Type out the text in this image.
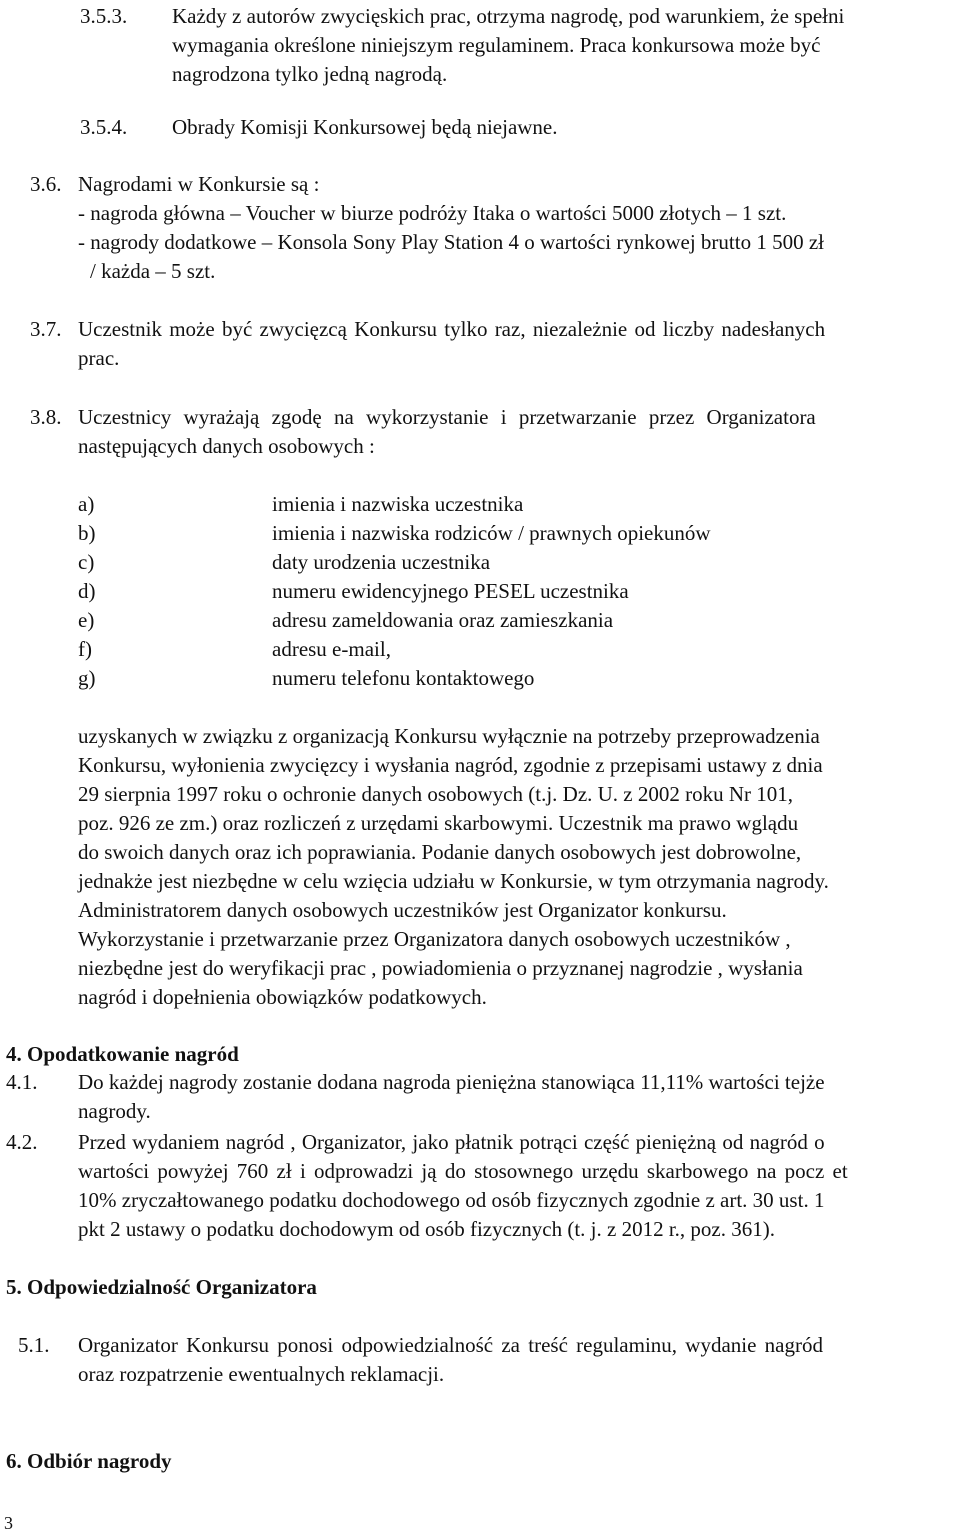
3.5.3. Każdy z autorów zwycięskich prac, otrzyma nagrodę, pod warunkiem, że spełni
wymagania określone niniejszym regulaminem. Praca konkursowa może być
nagrodzona tylko jedną nagrodą.
3.5.4. Obrady Komisji Konkursowej będą niejawne.
3.6. Nagrodami w Konkursie są :
- nagroda główna – Voucher w biurze podróży Itaka o wartości 5000 złotych – 1 szt.
- nagrody dodatkowe – Konsola Sony Play Station 4 o wartości rynkowej brutto 1 500 zł
/ każda – 5 szt.
3.7. Uczestnik może być zwycięzcą Konkursu tylko raz, niezależnie od liczby nadesłanych
prac.
3.8. Uczestnicy wyrażają zgodę na wykorzystanie i przetwarzanie przez Organizatora
następujących danych osobowych :
a)	imienia i nazwiska uczestnika
b)	imienia i nazwiska rodziców / prawnych opiekunów
c)	daty urodzenia uczestnika
d)	numeru ewidencyjnego PESEL uczestnika
e)	adresu zameldowania oraz zamieszkania
f)	adresu e-mail,
g)	numeru telefonu kontaktowego
uzyskanych w związku z organizacją Konkursu wyłącznie na potrzeby przeprowadzenia
Konkursu, wyłonienia zwycięzcy i wysłania nagród, zgodnie z przepisami ustawy z dnia
29 sierpnia 1997 roku o ochronie danych osobowych (t.j. Dz. U. z 2002 roku Nr 101,
poz. 926 ze zm.) oraz rozliczeń z urzędami skarbowymi. Uczestnik ma prawo wglądu
do swoich danych oraz ich poprawiania. Podanie danych osobowych jest dobrowolne,
jednakże jest niezbędne w celu wzięcia udziału w Konkursie, w tym otrzymania nagrody.
Administratorem danych osobowych uczestników jest Organizator konkursu.
Wykorzystanie i przetwarzanie przez Organizatora danych osobowych uczestników ,
niezbędne jest do weryfikacji prac , powiadomienia o przyznanej nagrodzie , wysłania
nagród i dopełnienia obowiązków podatkowych.
4. Opodatkowanie nagród
4.1. Do każdej nagrody zostanie dodana nagroda pieniężna stanowiąca 11,11% wartości tejże
nagrody.
4.2. Przed wydaniem nagród , Organizator, jako płatnik potrąci część pieniężną od nagród o
wartości powyżej 760 zł i odprowadzi ją do stosownego urzędu skarbowego na pocz et
10% zryczałtowanego podatku dochodowego od osób fizycznych zgodnie z art. 30 ust. 1
pkt 2 ustawy o podatku dochodowym od osób fizycznych (t. j. z 2012 r., poz. 361).
5. Odpowiedzialność Organizatora
5.1. Organizator Konkursu ponosi odpowiedzialność za treść regulaminu, wydanie nagród
oraz rozpatrzenie ewentualnych reklamacji.
6. Odbiór nagrody
3
